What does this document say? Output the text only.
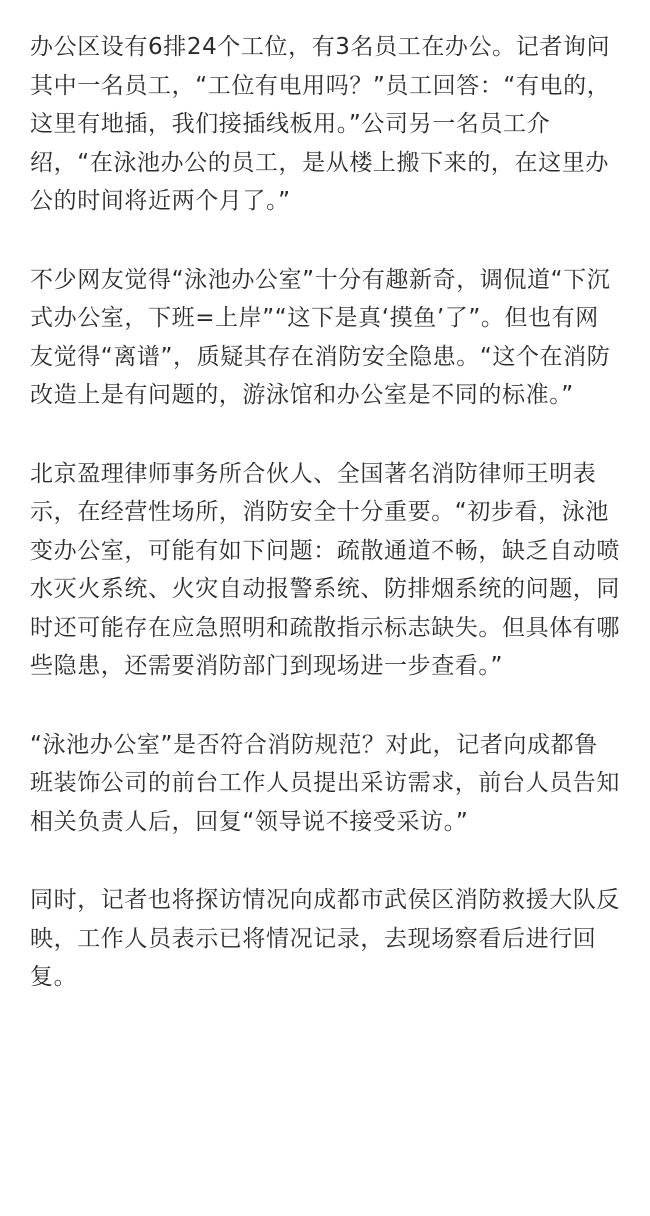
办公区设有6排24个工位，有3名员工在办公。记者询问其中一名员工，“工位有电用吗？”员工回答：“有电的，这里有地插，我们接插线板用。”公司另一名员工介绍，“在泳池办公的员工，是从楼上搬下来的，在这里办公的时间将近两个月了。”

不少网友觉得“泳池办公室”十分有趣新奇，调侃道“下沉式办公室，下班=上岸”“这下是真‘摸鱼’了”。但也有网友觉得“离谱”，质疑其存在消防安全隐患。“这个在消防改造上是有问题的，游泳馆和办公室是不同的标准。”

北京盈理律师事务所合伙人、全国著名消防律师王明表示，在经营性场所，消防安全十分重要。“初步看，泳池变办公室，可能有如下问题：疏散通道不畅，缺乏自动喷水灭火系统、火灾自动报警系统、防排烟系统的问题，同时还可能存在应急照明和疏散指示标志缺失。但具体有哪些隐患，还需要消防部门到现场进一步查看。”

“泳池办公室”是否符合消防规范？对此，记者向成都鲁班装饰公司的前台工作人员提出采访需求，前台人员告知相关负责人后，回复“领导说不接受采访。”

同时，记者也将探访情况向成都市武侯区消防救援大队反映，工作人员表示已将情况记录，去现场察看后进行回复。
